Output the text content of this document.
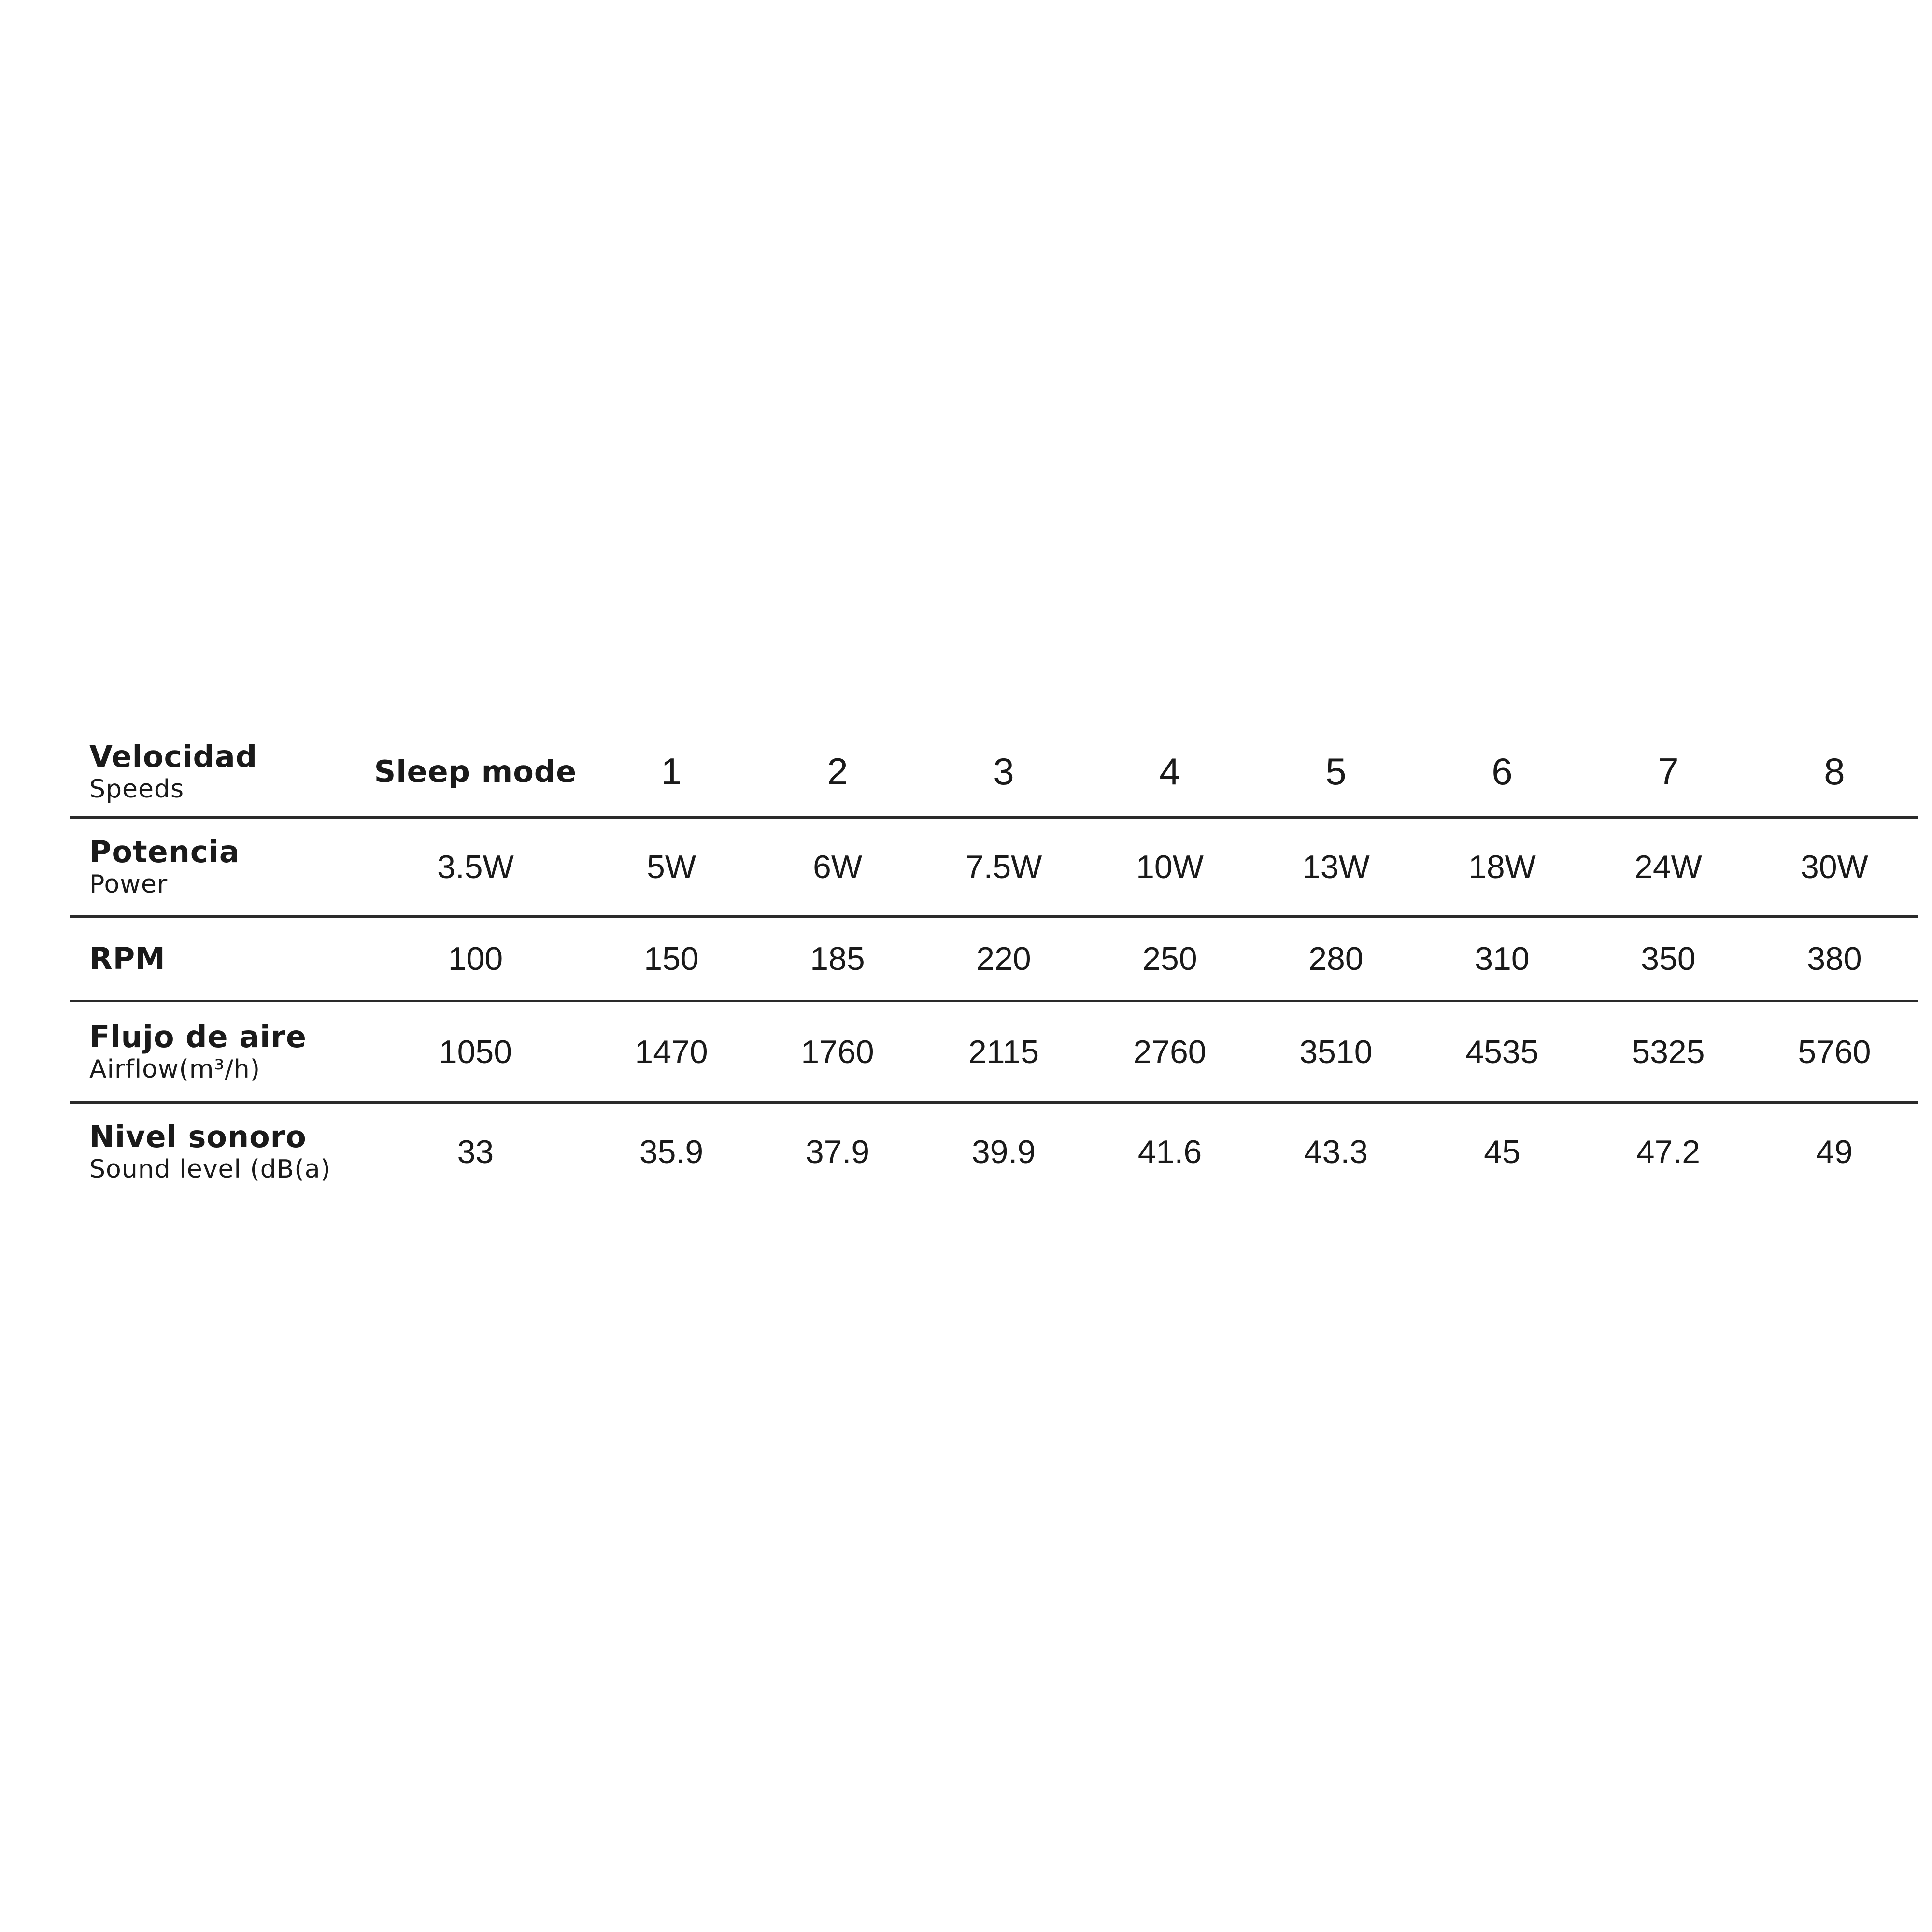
Velocidad
Speeds	Sleep mode	1	2	3	4	5	6	7	8

Potencia
Power	3.5W	5W	6W	7.5W	10W	13W	18W	24W	30W

RPM	100	150	185	220	250	280	310	350	380

Flujo de aire
Airflow(m³/h)	1050	1470	1760	2115	2760	3510	4535	5325	5760

Nivel sonoro
Sound level (dB(a)	33	35.9	37.9	39.9	41.6	43.3	45	47.2	49
